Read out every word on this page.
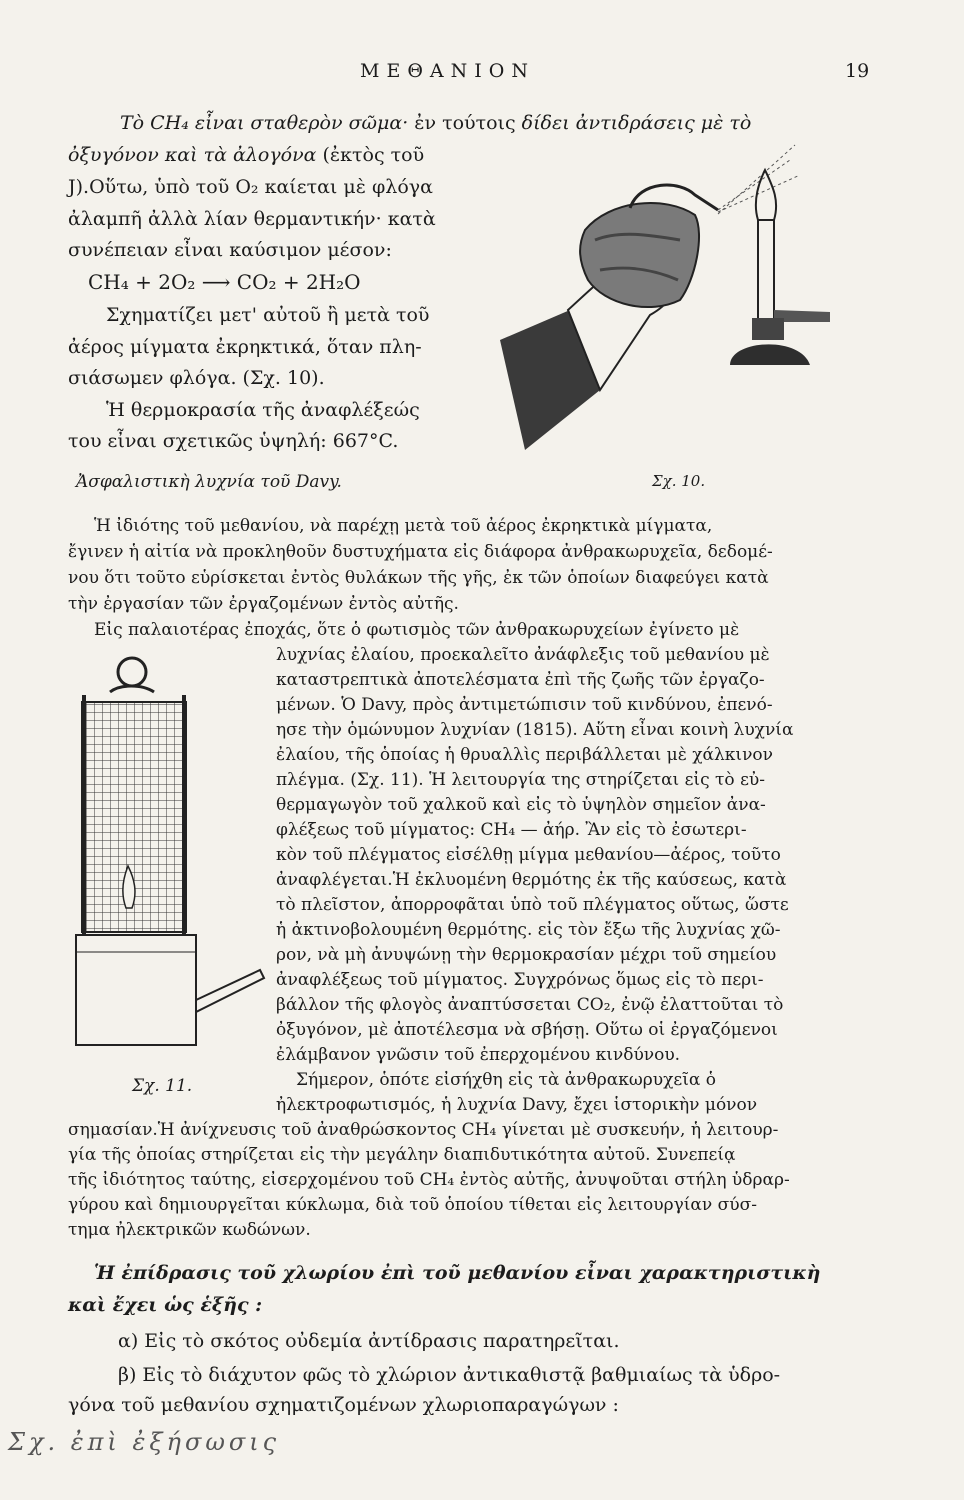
ΜΕΘΑΝΙΟΝ	19
Τὸ CH₄ εἶναι σταθερὸν σῶμα· ἐν τούτοις δίδει ἀντιδράσεις μὲ τὸ
ὀξυγόνον καὶ τὰ ἀλογόνα (ἐκτὸς τοῦ
J).Οὕτω, ὑπὸ τοῦ O₂ καίεται μὲ φλόγα
ἀλαμπῆ ἀλλὰ λίαν θερμαντικήν· κατὰ
συνέπειαν εἶναι καύσιμον μέσον:
CH₄ + 2O₂ ⟶ CO₂ + 2H₂O
Σχηματίζει μετ' αὐτοῦ ἢ μετὰ τοῦ
ἀέρος μίγματα ἐκρηκτικά, ὅταν πλη-
σιάσωμεν φλόγα. (Σχ. 10).
Ἡ θερμοκρασία τῆς ἀναφλέξεώς
του εἶναι σχετικῶς ὑψηλή: 667°C.
Ἀσφαλιστικὴ λυχνία τοῦ Davy.	Σχ. 10.
Ἡ ἰδιότης τοῦ μεθανίου, νὰ παρέχῃ μετὰ τοῦ ἀέρος ἐκρηκτικὰ μίγματα,
ἔγινεν ἡ αἰτία νὰ προκληθοῦν δυστυχήματα εἰς διάφορα ἀνθρακωρυχεῖα, δεδομέ-
νου ὅτι τοῦτο εὑρίσκεται ἐντὸς θυλάκων τῆς γῆς, ἐκ τῶν ὁποίων διαφεύγει κατὰ
τὴν ἐργασίαν τῶν ἐργαζομένων ἐντὸς αὐτῆς.
Εἰς παλαιοτέρας ἐποχάς, ὅτε ὁ φωτισμὸς τῶν ἀνθρακωρυχείων ἐγίνετο μὲ
λυχνίας ἐλαίου, προεκαλεῖτο ἀνάφλεξις τοῦ μεθανίου μὲ
καταστρεπτικὰ ἀποτελέσματα ἐπὶ τῆς ζωῆς τῶν ἐργαζο-
μένων. Ὁ Davy, πρὸς ἀντιμετώπισιν τοῦ κινδύνου, ἐπενό-
ησε τὴν ὁμώνυμον λυχνίαν (1815). Αὕτη εἶναι κοινὴ λυχνία
ἐλαίου, τῆς ὁποίας ἡ θρυαλλὶς περιβάλλεται μὲ χάλκινον
πλέγμα. (Σχ. 11). Ἡ λειτουργία της στηρίζεται εἰς τὸ εὐ-
θερμαγωγὸν τοῦ χαλκοῦ καὶ εἰς τὸ ὑψηλὸν σημεῖον ἀνα-
φλέξεως τοῦ μίγματος: CH₄ — ἀήρ. Ἂν εἰς τὸ ἐσωτερι-
κὸν τοῦ πλέγματος εἰσέλθῃ μίγμα μεθανίου—ἀέρος, τοῦτο
ἀναφλέγεται.Ἡ ἐκλυομένη θερμότης ἐκ τῆς καύσεως, κατὰ
τὸ πλεῖστον, ἀπορροφᾶται ὑπὸ τοῦ πλέγματος οὕτως, ὥστε
ἡ ἀκτινοβολουμένη θερμότης. εἰς τὸν ἔξω τῆς λυχνίας χῶ-
ρον, νὰ μὴ ἀνυψώνῃ τὴν θερμοκρασίαν μέχρι τοῦ σημείου
ἀναφλέξεως τοῦ μίγματος. Συγχρόνως ὅμως εἰς τὸ περι-
βάλλον τῆς φλογὸς ἀναπτύσσεται CO₂, ἐνῷ ἐλαττοῦται τὸ
ὀξυγόνον, μὲ ἀποτέλεσμα νὰ σβήσῃ. Οὕτω οἱ ἐργαζόμενοι
ἐλάμβανον γνῶσιν τοῦ ἐπερχομένου κινδύνου.
Σήμερον, ὁπότε εἰσήχθη εἰς τὰ ἀνθρακωρυχεῖα ὁ
ἠλεκτροφωτισμός, ἡ λυχνία Davy, ἔχει ἱστορικὴν μόνον
Σχ. 11.
σημασίαν.Ἡ ἀνίχνευσις τοῦ ἀναθρώσκοντος CH₄ γίνεται μὲ συσκευήν, ἡ λειτουρ-
γία τῆς ὁποίας στηρίζεται εἰς τὴν μεγάλην διαπιδυτικότητα αὐτοῦ. Συνεπείᾳ
τῆς ἰδιότητος ταύτης, εἰσερχομένου τοῦ CH₄ ἐντὸς αὐτῆς, ἀνυψοῦται στήλη ὑδραρ-
γύρου καὶ δημιουργεῖται κύκλωμα, διὰ τοῦ ὁποίου τίθεται εἰς λειτουργίαν σύσ-
τημα ἠλεκτρικῶν κωδώνων.
Ἡ ἐπίδρασις τοῦ χλωρίου ἐπὶ τοῦ μεθανίου εἶναι χαρακτηριστικὴ
καὶ ἔχει ὡς ἑξῆς :
α) Εἰς τὸ σκότος οὐδεμία ἀντίδρασις παρατηρεῖται.
β) Εἰς τὸ διάχυτον φῶς τὸ χλώριον ἀντικαθιστᾷ βαθμιαίως τὰ ὑδρο-
γόνα τοῦ μεθανίου σχηματιζομένων χλωριοπαραγώγων :
Σχ. ἐπὶ ἐξήσωσις
